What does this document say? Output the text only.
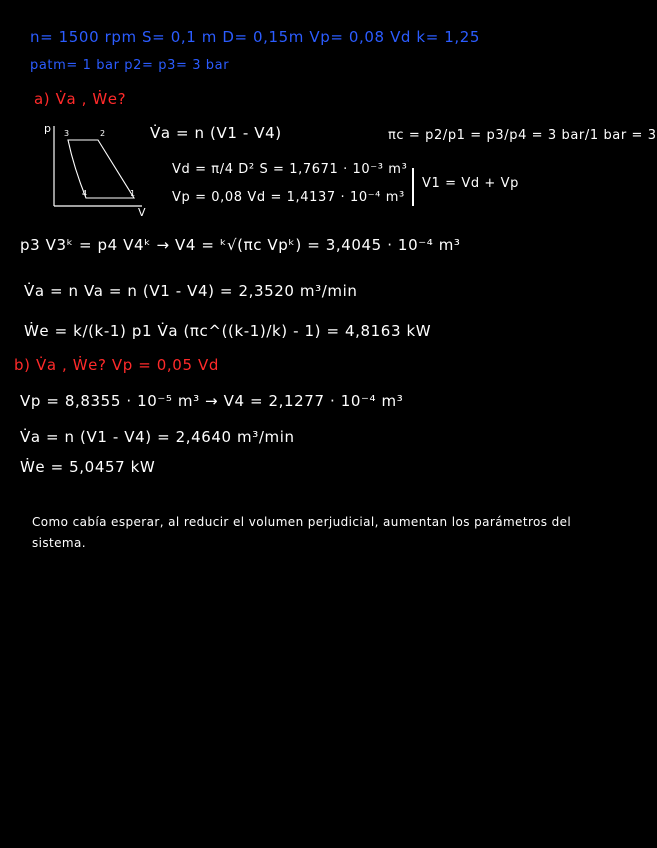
n= 1500 rpm S= 0,1 m D= 0,15m Vp= 0,08 Vd k= 1,25
patm= 1 bar p2= p3= 3 bar
a) V̇a , Ẇe?
p
V
3	2
4	1
V̇a = n (V1 - V4)	πc = p2/p1 = p3/p4 = 3 bar/1 bar = 3
Vd = π/4 D² S = 1,7671 · 10⁻³ m³
Vp = 0,08 Vd = 1,4137 · 10⁻⁴ m³
V1 = Vd + Vp
p3 V3ᵏ = p4 V4ᵏ → V4 = ᵏ√(πc Vpᵏ) = 3,4045 · 10⁻⁴ m³
V̇a = n Va = n (V1 - V4) = 2,3520 m³/min
Ẇe = k/(k-1) p1 V̇a (πc^((k-1)/k) - 1) = 4,8163 kW
b) V̇a , Ẇe? Vp = 0,05 Vd
Vp = 8,8355 · 10⁻⁵ m³ → V4 = 2,1277 · 10⁻⁴ m³
V̇a = n (V1 - V4) = 2,4640 m³/min
Ẇe = 5,0457 kW
Como cabía esperar, al reducir el volumen perjudicial, aumentan los parámetros del sistema.
